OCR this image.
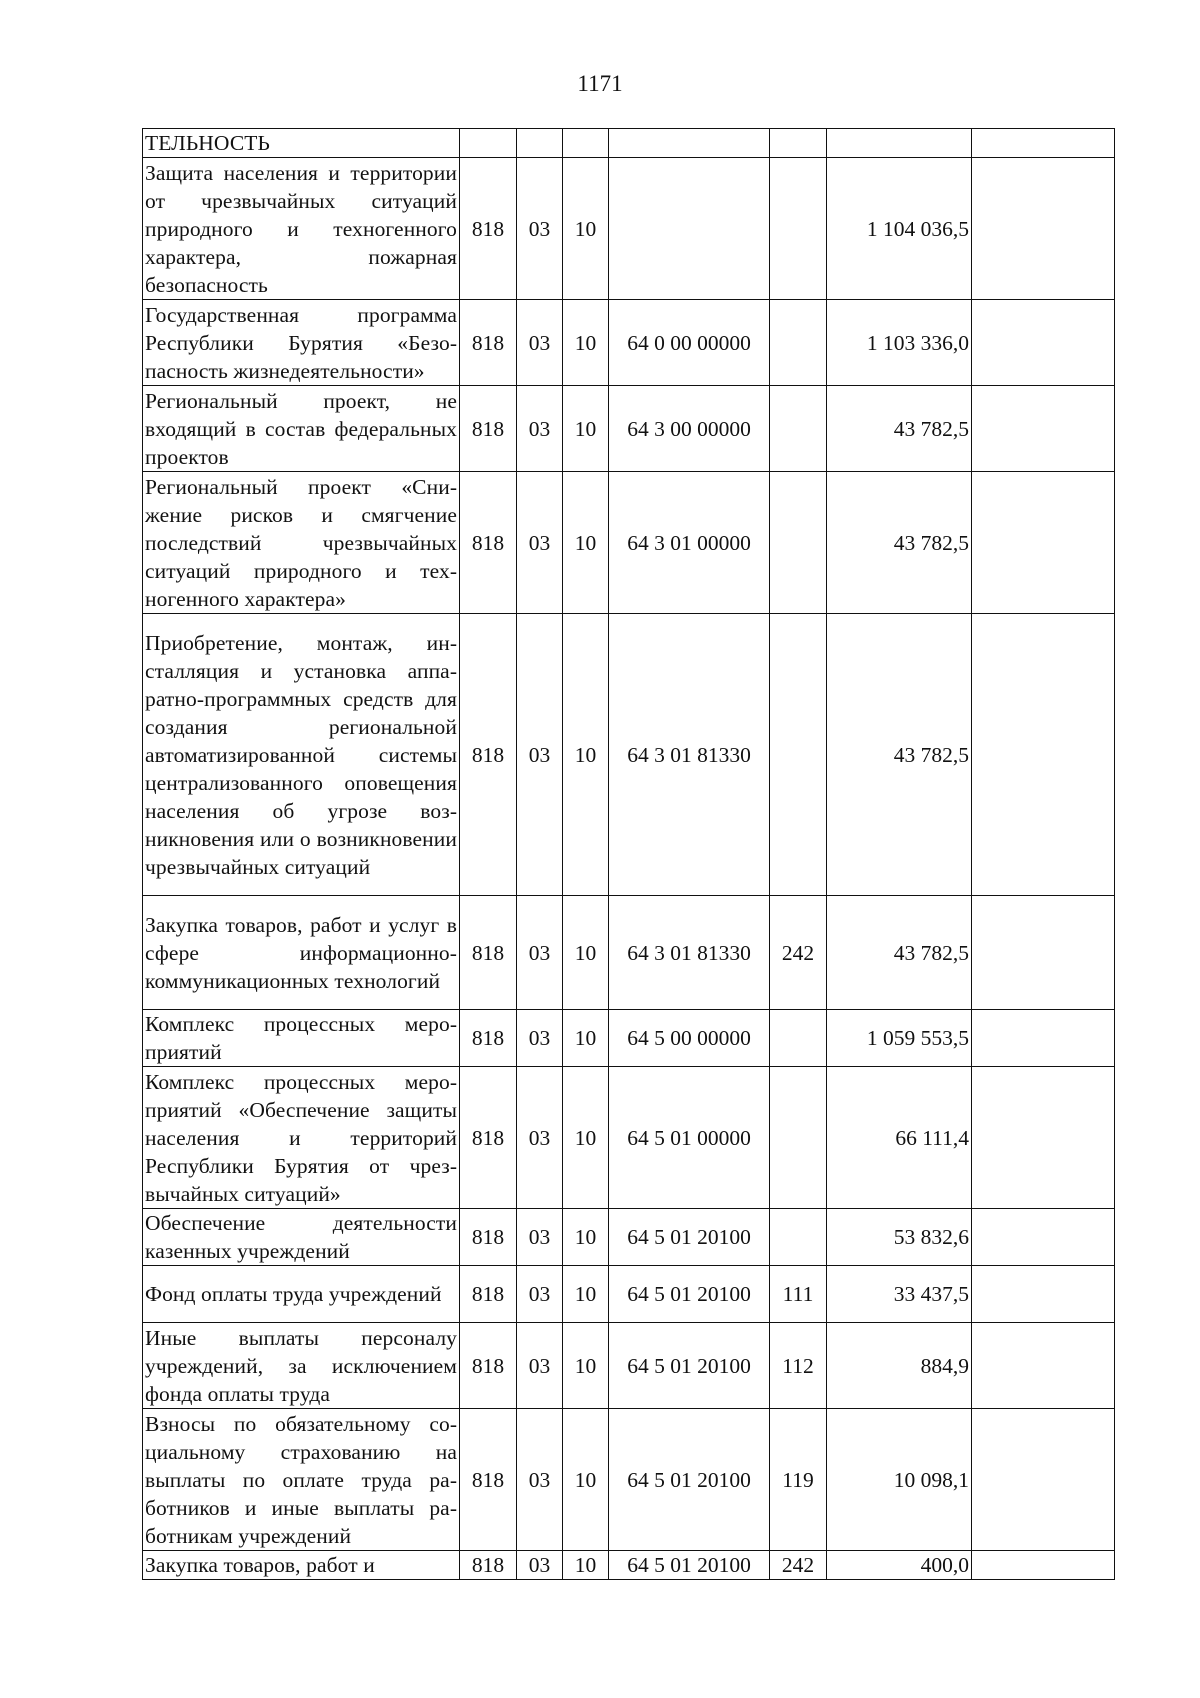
1171
ТЕЛЬНОСТЬ							
Защита населения и территории от чрезвычайных ситуаций природного и техногенного характера, пожарная безопасность	818	03	10			1 104 036,5	
Государственная программа Республики Бурятия «Безопасность жизнедеятельности»	818	03	10	64 0 00 00000		1 103 336,0	
Региональный проект, не входящий в состав федеральных проектов	818	03	10	64 3 00 00000		43 782,5	
Региональный проект «Снижение рисков и смягчение последствий чрезвычайных ситуаций природного и техногенного характера»	818	03	10	64 3 01 00000		43 782,5	
Приобретение, монтаж, инсталляция и установка аппаратно-программных средств для создания региональной автоматизированной системы централизованного оповещения населения об угрозе возникновения или о возникновении чрезвычайных ситуаций	818	03	10	64 3 01 81330		43 782,5	
Закупка товаров, работ и услуг в сфере информационно-коммуникационных технологий	818	03	10	64 3 01 81330	242	43 782,5	
Комплекс процессных мероприятий	818	03	10	64 5 00 00000		1 059 553,5	
Комплекс процессных мероприятий «Обеспечение защиты населения и территорий Республики Бурятия от чрезвычайных ситуаций»	818	03	10	64 5 01 00000		66 111,4	
Обеспечение деятельности казенных учреждений	818	03	10	64 5 01 20100		53 832,6	
Фонд оплаты труда учреждений	818	03	10	64 5 01 20100	111	33 437,5	
Иные выплаты персоналу учреждений, за исключением фонда оплаты труда	818	03	10	64 5 01 20100	112	884,9	
Взносы по обязательному социальному страхованию на выплаты по оплате труда работников и иные выплаты работникам учреждений	818	03	10	64 5 01 20100	119	10 098,1	
Закупка товаров, работ и	818	03	10	64 5 01 20100	242	400,0	
